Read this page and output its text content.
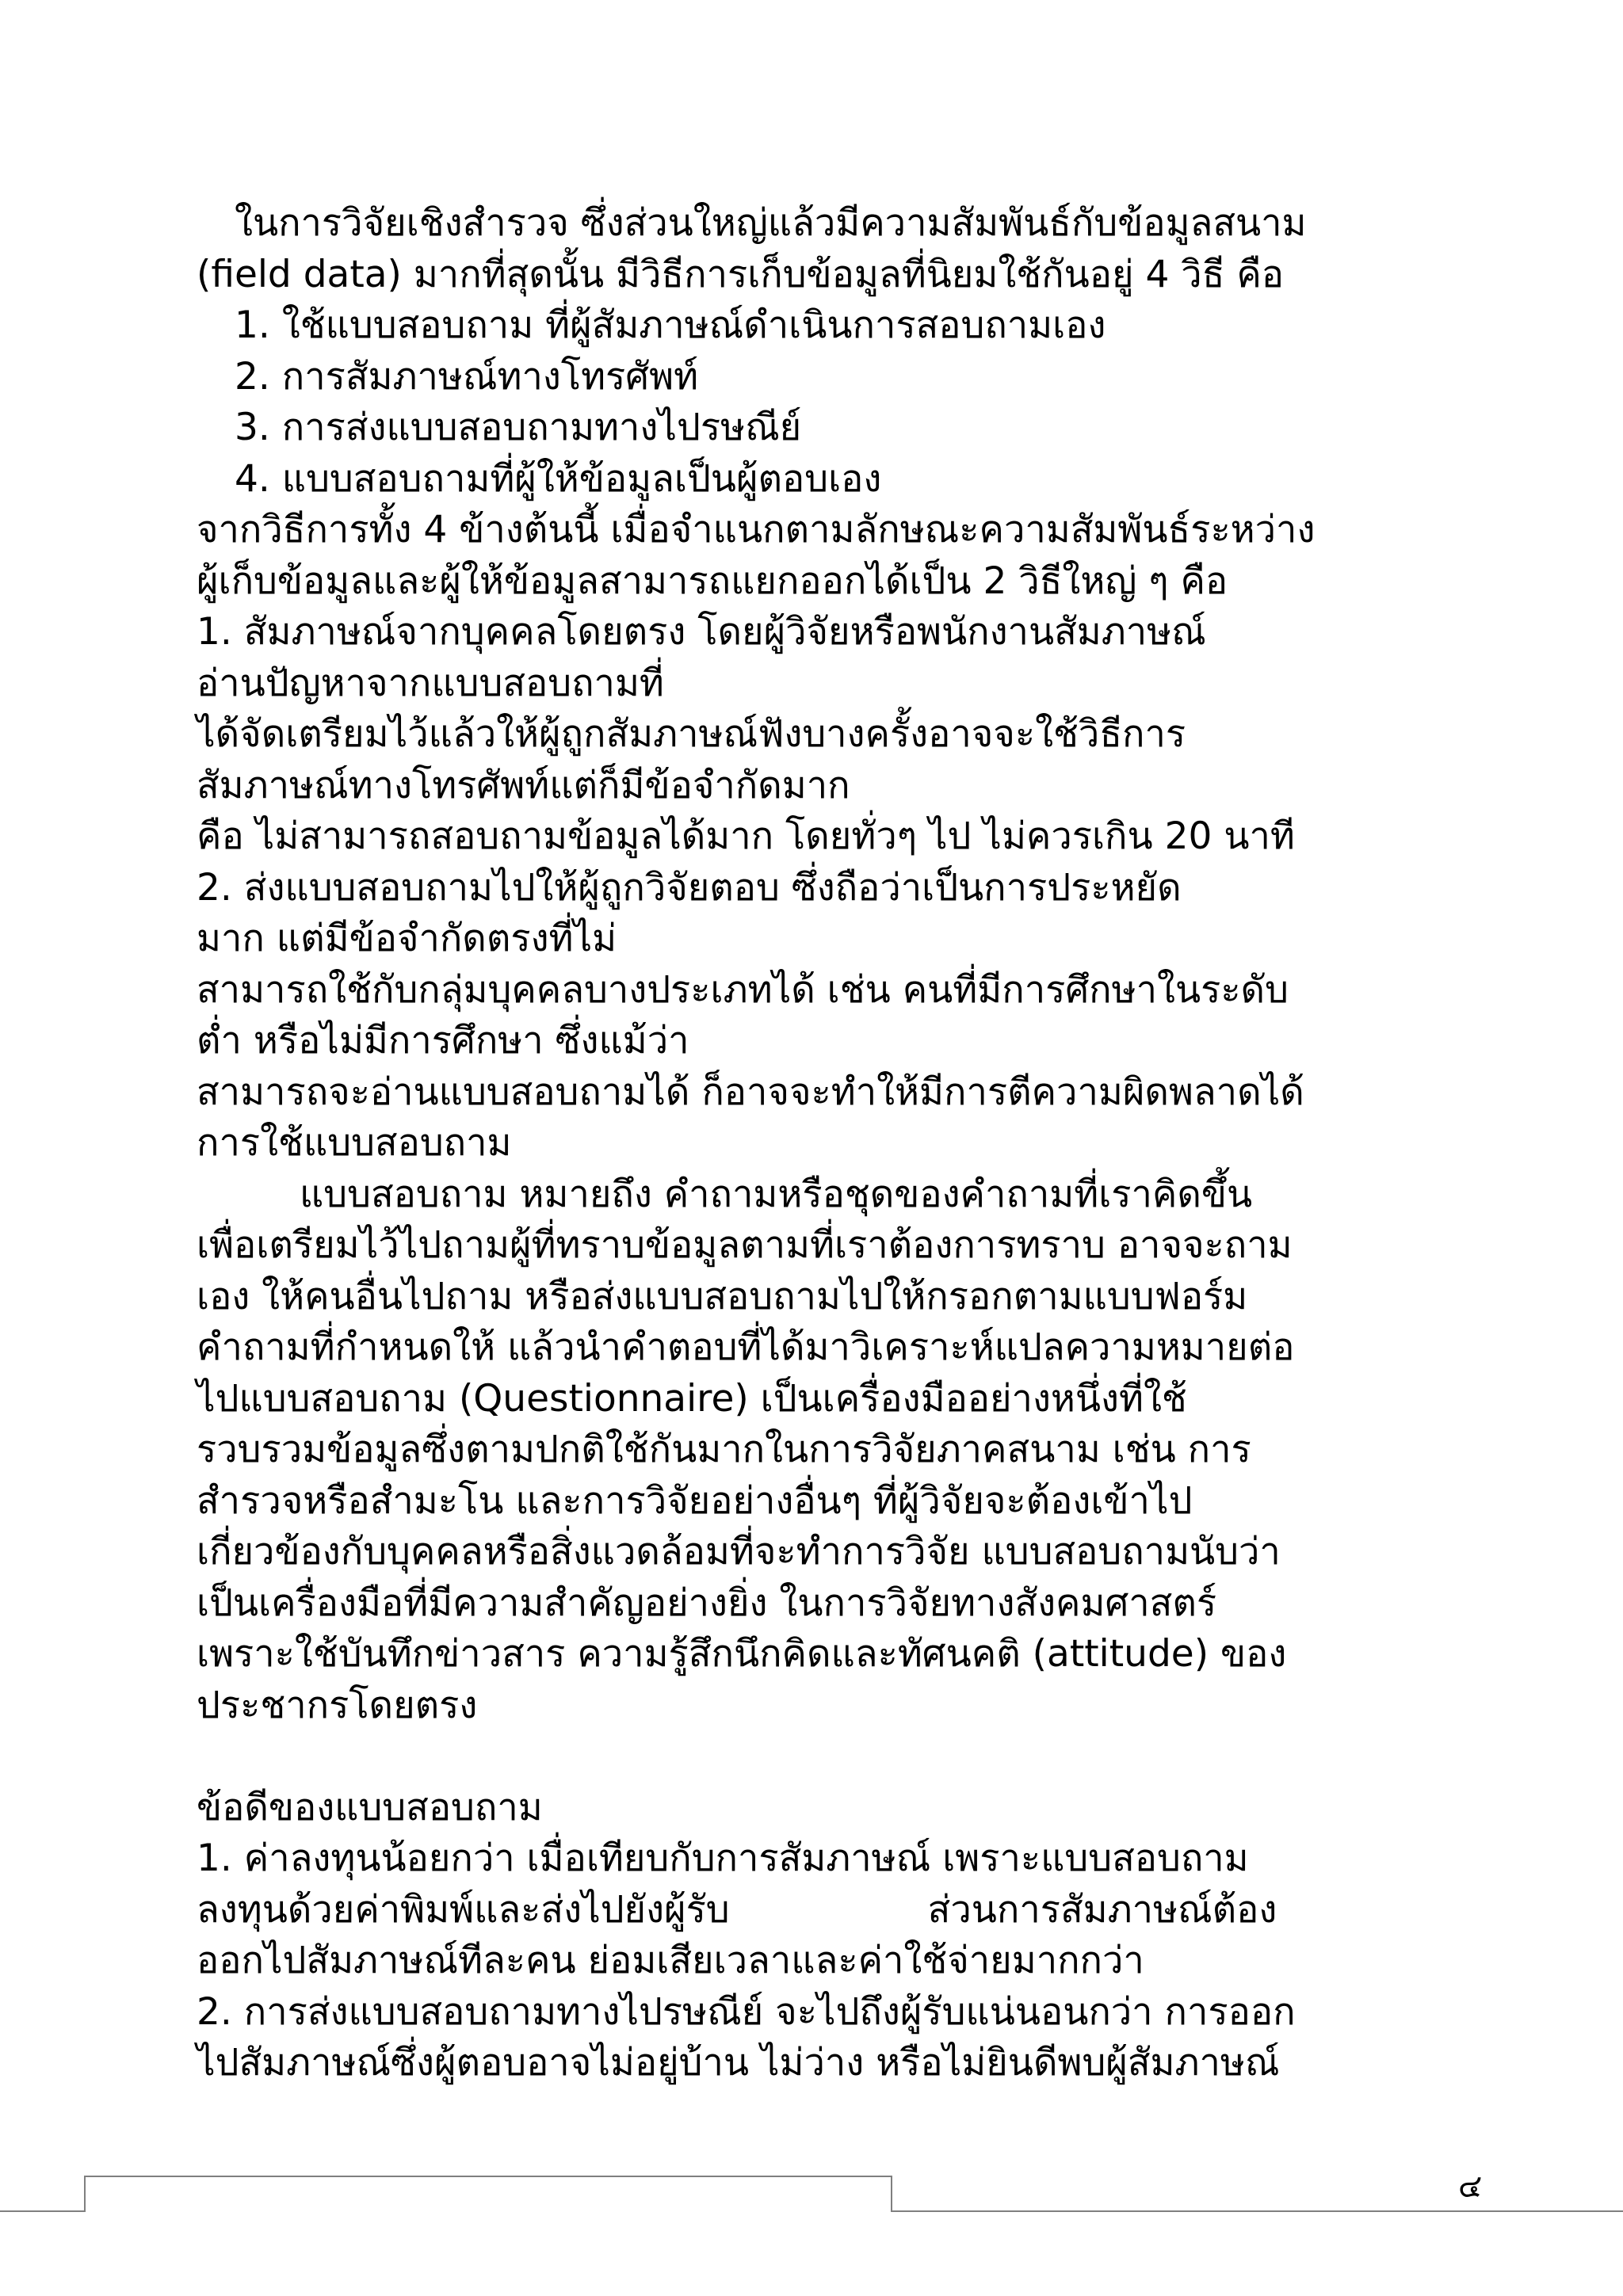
ในการวิจัยเชิงสำรวจ ซึ่งส่วนใหญ่แล้วมีความสัมพันธ์กับข้อมูลสนาม
(field data) มากที่สุดนั้น มีวิธีการเก็บข้อมูลที่นิยมใช้กันอยู่ 4 วิธี คือ
1. ใช้แบบสอบถาม ที่ผู้สัมภาษณ์ดำเนินการสอบถามเอง
2. การสัมภาษณ์ทางโทรศัพท์
3. การส่งแบบสอบถามทางไปรษณีย์
4. แบบสอบถามที่ผู้ให้ข้อมูลเป็นผู้ตอบเอง
จากวิธีการทั้ง 4 ข้างต้นนี้ เมื่อจำแนกตามลักษณะความสัมพันธ์ระหว่าง
ผู้เก็บข้อมูลและผู้ให้ข้อมูลสามารถแยกออกได้เป็น 2 วิธีใหญ่ ๆ คือ
1. สัมภาษณ์จากบุคคลโดยตรง โดยผู้วิจัยหรือพนักงานสัมภาษณ์
อ่านปัญหาจากแบบสอบถามที่
ได้จัดเตรียมไว้แล้วให้ผู้ถูกสัมภาษณ์ฟังบางครั้งอาจจะใช้วิธีการ
สัมภาษณ์ทางโทรศัพท์แต่ก็มีข้อจำกัดมาก
คือ ไม่สามารถสอบถามข้อมูลได้มาก โดยทั่วๆ ไป ไม่ควรเกิน 20 นาที
2. ส่งแบบสอบถามไปให้ผู้ถูกวิจัยตอบ ซึ่งถือว่าเป็นการประหยัด
มาก แต่มีข้อจำกัดตรงที่ไม่
สามารถใช้กับกลุ่มบุคคลบางประเภทได้ เช่น คนที่มีการศึกษาในระดับ
ต่ำ หรือไม่มีการศึกษา ซึ่งแม้ว่า
สามารถจะอ่านแบบสอบถามได้ ก็อาจจะทำให้มีการตีความผิดพลาดได้
การใช้แบบสอบถาม
แบบสอบถาม หมายถึง คำถามหรือชุดของคำถามที่เราคิดขึ้น
เพื่อเตรียมไว้ไปถามผู้ที่ทราบข้อมูลตามที่เราต้องการทราบ อาจจะถาม
เอง ให้คนอื่นไปถาม หรือส่งแบบสอบถามไปให้กรอกตามแบบฟอร์ม
คำถามที่กำหนดให้ แล้วนำคำตอบที่ได้มาวิเคราะห์แปลความหมายต่อ
ไปแบบสอบถาม (Questionnaire) เป็นเครื่องมืออย่างหนึ่งที่ใช้
รวบรวมข้อมูลซึ่งตามปกติใช้กันมากในการวิจัยภาคสนาม เช่น การ
สำรวจหรือสำมะโน และการวิจัยอย่างอื่นๆ ที่ผู้วิจัยจะต้องเข้าไป
เกี่ยวข้องกับบุคคลหรือสิ่งแวดล้อมที่จะทำการวิจัย แบบสอบถามนับว่า
เป็นเครื่องมือที่มีความสำคัญอย่างยิ่ง ในการวิจัยทางสังคมศาสตร์
เพราะใช้บันทึกข่าวสาร ความรู้สึกนึกคิดและทัศนคติ (attitude) ของ
ประชากรโดยตรง
ข้อดีของแบบสอบถาม
1. ค่าลงทุนน้อยกว่า เมื่อเทียบกับการสัมภาษณ์ เพราะแบบสอบถาม
ลงทุนด้วยค่าพิมพ์และส่งไปยังผู้รับ	ส่วนการสัมภาษณ์ต้อง
ออกไปสัมภาษณ์ทีละคน ย่อมเสียเวลาและค่าใช้จ่ายมากกว่า
2. การส่งแบบสอบถามทางไปรษณีย์ จะไปถึงผู้รับแน่นอนกว่า การออก
ไปสัมภาษณ์ซึ่งผู้ตอบอาจไม่อยู่บ้าน ไม่ว่าง หรือไม่ยินดีพบผู้สัมภาษณ์
๔
